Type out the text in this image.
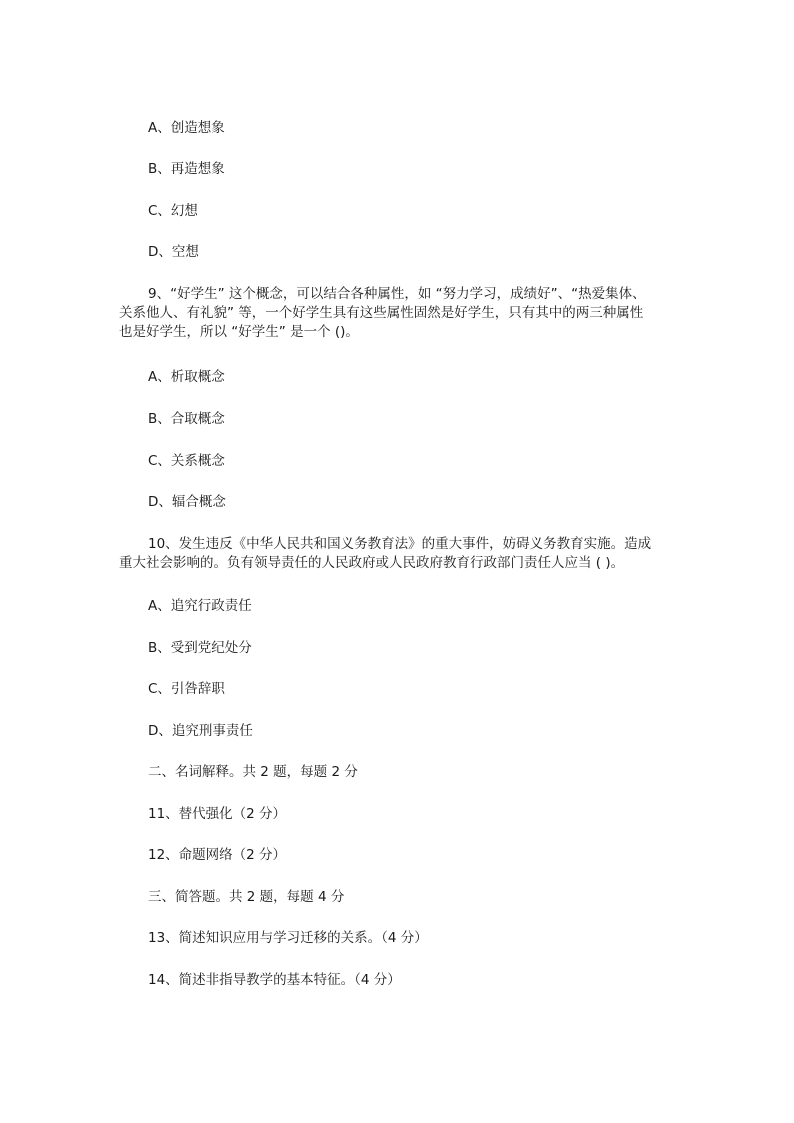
A、创造想象
B、再造想象
C、幻想
D、空想
9、“好学生” 这个概念，可以结合各种属性，如 “努力学习，成绩好”、“热爱集体、
关系他人、有礼貌” 等，一个好学生具有这些属性固然是好学生，只有其中的两三种属性
也是好学生，所以 “好学生” 是一个 ()。
A、析取概念
B、合取概念
C、关系概念
D、辐合概念
10、发生违反《中华人民共和国义务教育法》的重大事件，妨碍义务教育实施。造成
重大社会影响的。负有领导责任的人民政府或人民政府教育行政部门责任人应当 ( )。
A、追究行政责任
B、受到党纪处分
C、引咎辞职
D、追究刑事责任
二、名词解释。共 2 题，每题 2 分
11、替代强化（2 分）
12、命题网络（2 分）
三、简答题。共 2 题，每题 4 分
13、简述知识应用与学习迁移的关系。（4 分）
14、简述非指导教学的基本特征。（4 分）
